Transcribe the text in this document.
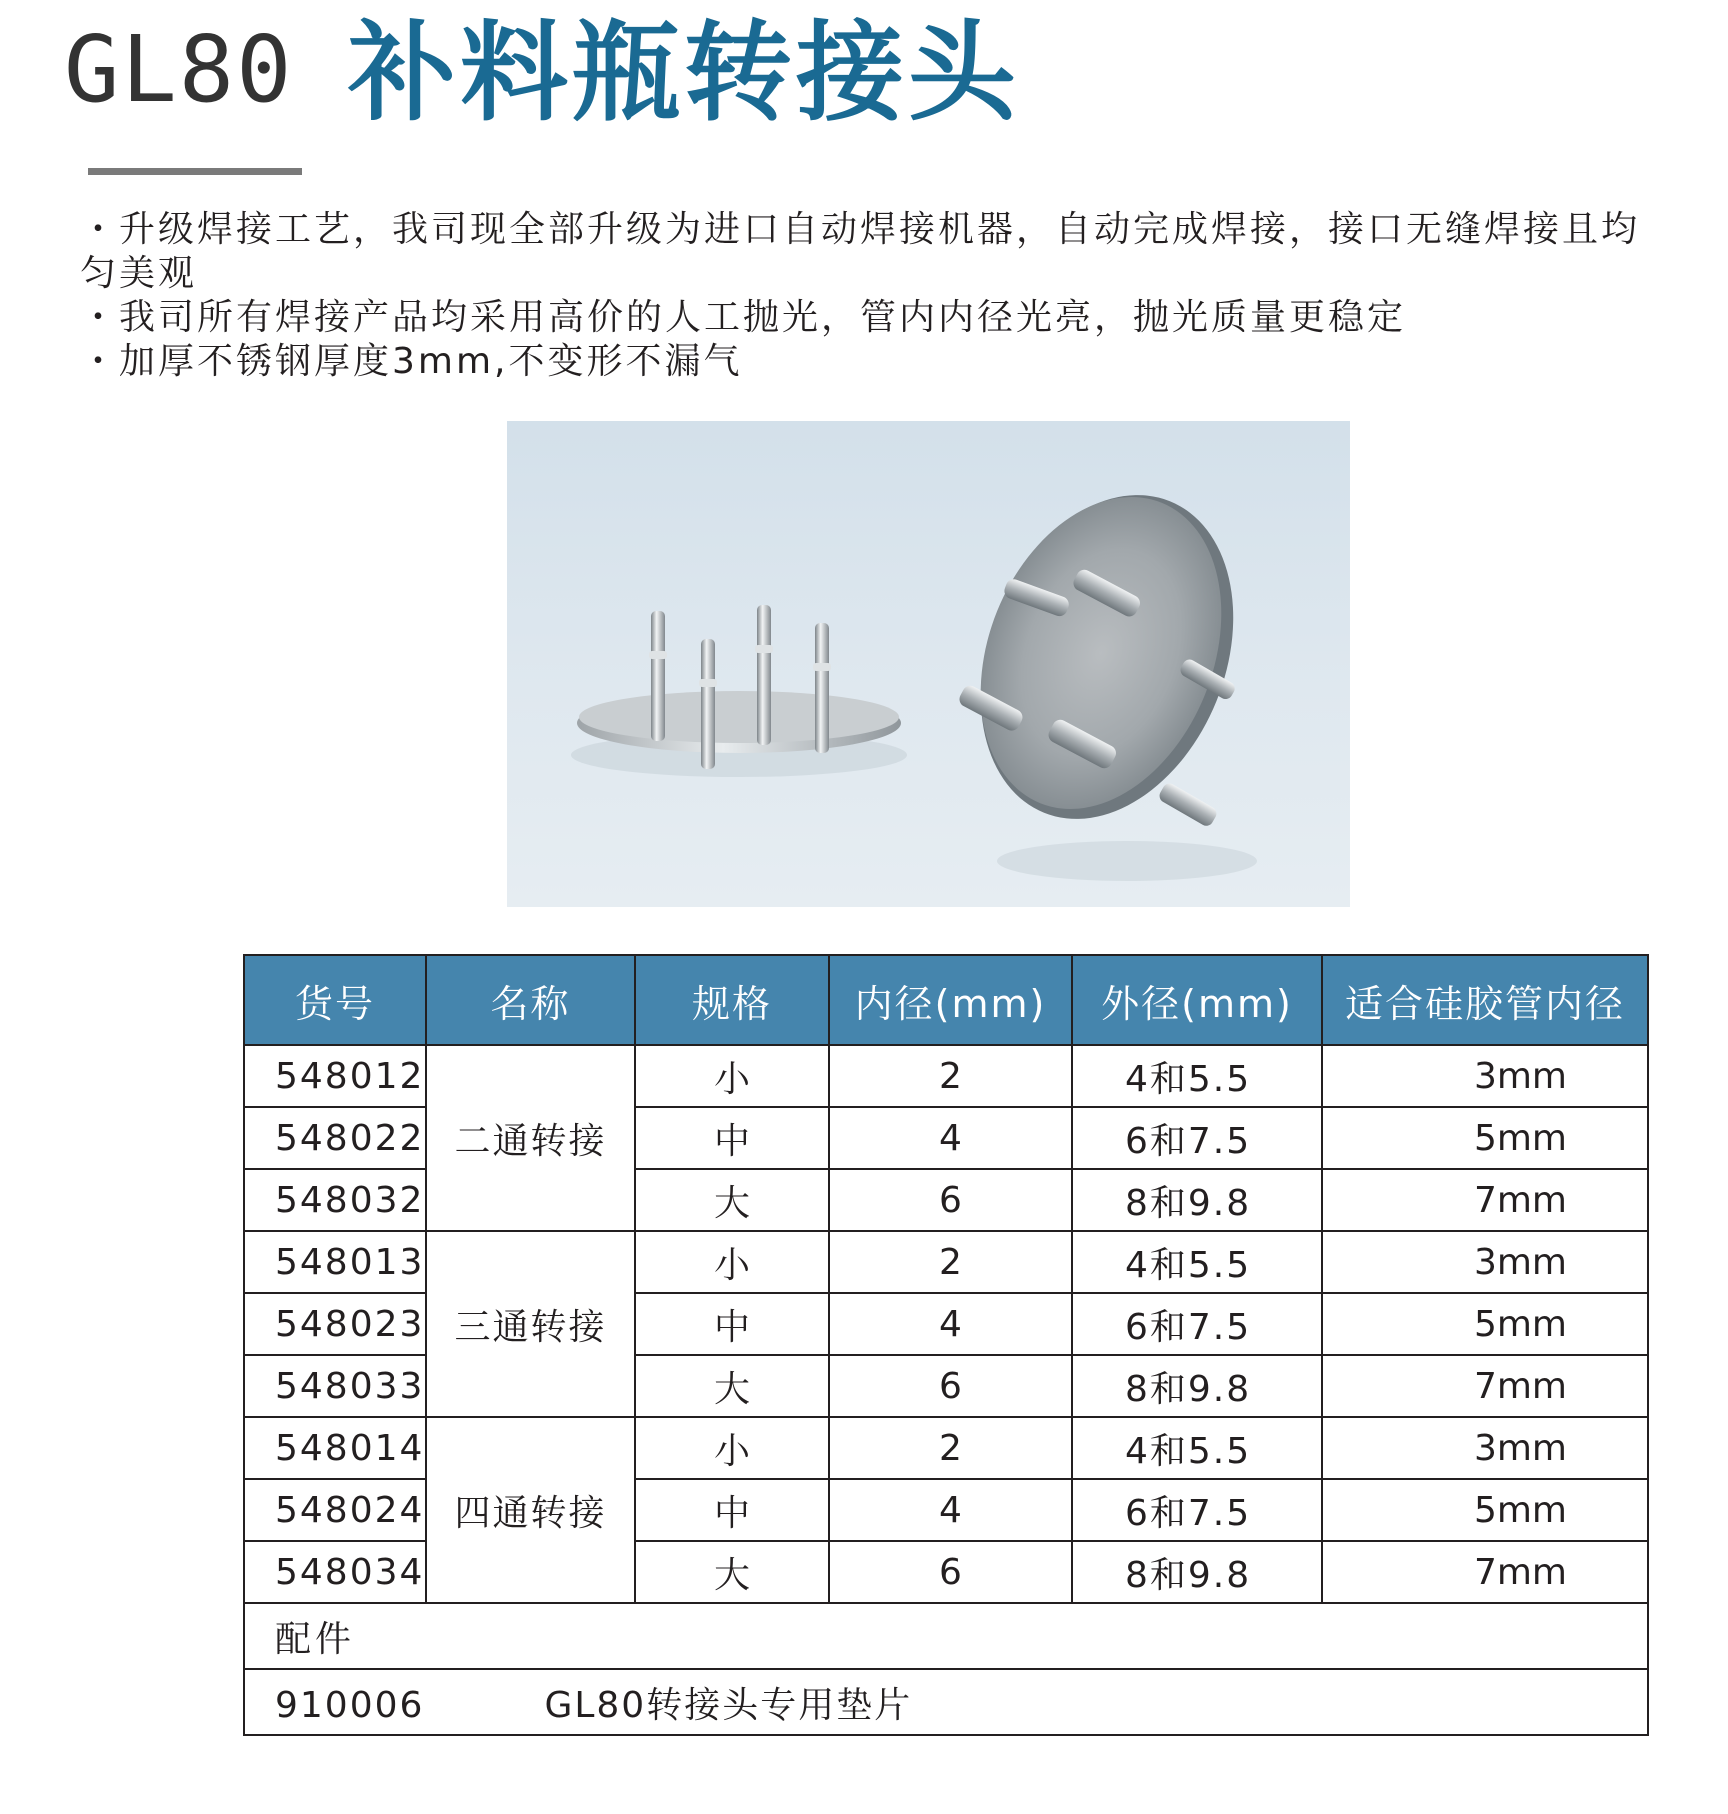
GL80 补料瓶转接头

・升级焊接工艺，我司现全部升级为进口自动焊接机器，自动完成焊接，接口无缝焊接且均匀美观

・我司所有焊接产品均采用高价的人工抛光，管内内径光亮，抛光质量更稳定

・加厚不锈钢厚度3mm,不变形不漏气

货号	名称	规格	内径(mm)	外径(mm)	适合硅胶管内径
548012	二通转接	小	2	4和5.5	3mm
548022		中	4	6和7.5	5mm
548032		大	6	8和9.8	7mm
548013	三通转接	小	2	4和5.5	3mm
548023		中	4	6和7.5	5mm
548033		大	6	8和9.8	7mm
548014	四通转接	小	2	4和5.5	3mm
548024		中	4	6和7.5	5mm
548034		大	6	8和9.8	7mm
配件					
910006 GL80转接头专用垫片					
